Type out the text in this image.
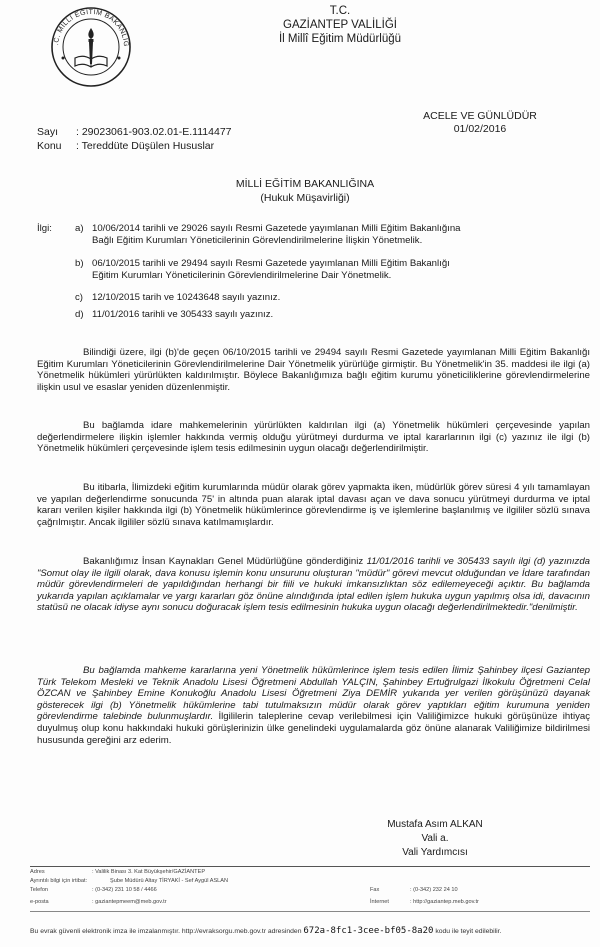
.C. MİLLÎ EĞİTİM BAKANLIĞ
T.C.
GAZİANTEP VALİLİĞİ
İl Millî Eğitim Müdürlüğü
ACELE VE GÜNLÜDÜR
01/02/2016
Sayı : 29023061-903.02.01-E.1114477
Konu : Tereddüte Düşülen Hususlar
MİLLİ EĞİTİM BAKANLIĞINA
(Hukuk Müşavirliği)
İlgi: a) 10/06/2014 tarihli ve 29026 sayılı Resmi Gazetede yayımlanan Milli Eğitim Bakanlığına
Bağlı Eğitim Kurumları Yöneticilerinin Görevlendirilmelerine İlişkin Yönetmelik.
b) 06/10/2015 tarihli ve 29494 sayılı Resmi Gazetede yayımlanan Milli Eğitim Bakanlığı
Eğitim Kurumları Yöneticilerinin Görevlendirilmelerine Dair Yönetmelik.
c) 12/10/2015 tarih ve 10243648 sayılı yazınız.
d) 11/01/2016 tarihli ve 305433 sayılı yazınız.
Bilindiği üzere, ilgi (b)'de geçen 06/10/2015 tarihli ve 29494 sayılı Resmi Gazetede yayımlanan Milli Eğitim Bakanlığı Eğitim Kurumları Yöneticilerinin Görevlendirilmelerine Dair Yönetmelik yürürlüğe girmiştir. Bu Yönetmelik'in 35. maddesi ile ilgi (a) Yönetmelik hükümleri yürürlükten kaldırılmıştır. Böylece Bakanlığımıza bağlı eğitim kurumu yöneticiliklerine görevlendirmelerine ilişkin usul ve esaslar yeniden düzenlenmiştir.
Bu bağlamda idare mahkemelerinin yürürlükten kaldırılan ilgi (a) Yönetmelik hükümleri çerçevesinde yapılan değerlendirmelere ilişkin işlemler hakkında vermiş olduğu yürütmeyi durdurma ve iptal kararlarının ilgi (c) yazınız ile ilgi (b) Yönetmelik hükümleri çerçevesinde işlem tesis edilmesinin uygun olacağı değerlendirilmiştir.
Bu itibarla, İlimizdeki eğitim kurumlarında müdür olarak görev yapmakta iken, müdürlük görev süresi 4 yılı tamamlayan ve yapılan değerlendirme sonucunda 75' in altında puan alarak iptal davası açan ve dava sonucu yürütmeyi durdurma ve iptal kararı verilen kişiler hakkında ilgi (b) Yönetmelik hükümlerince görevlendirme iş ve işlemlerine başlanılmış ve ilgililer sözlü sınava çağrılmıştır. Ancak ilgililer sözlü sınava katılmamışlardır.
Bakanlığımız İnsan Kaynakları Genel Müdürlüğüne gönderdiğiniz 11/01/2016 tarihli ve 305433 sayılı ilgi (d) yazınızda "Somut olay ile ilgili olarak, dava konusu işlemin konu unsurunu oluşturan "müdür" görevi mevcut olduğundan ve İdare tarafından müdür görevlendirmeleri de yapıldığından herhangi bir fiili ve hukuki imkansızlıktan söz edilemeyeceği açıktır. Bu bağlamda yukarıda yapılan açıklamalar ve yargı kararları göz önüne alındığında iptal edilen işlem hukuka uygun yapılmış olsa idi, davacının statüsü ne olacak idiyse aynı sonucu doğuracak işlem tesis edilmesinin hukuka uygun olacağı değerlendirilmektedir."denilmiştir.
Bu bağlamda mahkeme kararlarına yeni Yönetmelik hükümlerince işlem tesis edilen İlimiz Şahinbey ilçesi Gaziantep Türk Telekom Mesleki ve Teknik Anadolu Lisesi Öğretmeni Abdullah YALÇIN, Şahinbey Ertuğrulgazi İlkokulu Öğretmeni Celal ÖZCAN ve Şahinbey Emine Konukoğlu Anadolu Lisesi Öğretmeni Ziya DEMİR yukarıda yer verilen görüşünüzü dayanak gösterecek ilgi (b) Yönetmelik hükümlerine tabi tutulmaksızın müdür olarak görev yaptıkları eğitim kurumuna yeniden görevlendirme talebinde bulunmuşlardır. İlgililerin taleplerine cevap verilebilmesi için Valiliğimizce hukuki görüşünüze ihtiyaç duyulmuş olup konu hakkındaki hukuki görüşlerinizin ülke genelindeki uygulamalarda göz önüne alanarak Valiliğimize bildirilmesi hususunda gereğini arz ederim.
Mustafa Asım ALKAN
Vali a.
Vali Yardımcısı
Adres	: Valilik Binası 3. Kat Büyükşehir/GAZİANTEP
Ayrıntılı bilgi için irtibat:	Şube Müdürü Altay TİRYAKİ - Sef Aygül ASLAN
Telefon	: (0-342) 231 10 58 / 4466	Fax	: (0-342) 232 24 10
e-posta	: gaziantepmeem@meb.gov.tr	İnternet	: http://gaziantep.meb.gov.tr
Bu evrak güvenli elektronik imza ile imzalanmıştır. http://evraksorgu.meb.gov.tr adresinden 672a-8fc1-3cee-bf05-8a20 kodu ile teyit edilebilir.
